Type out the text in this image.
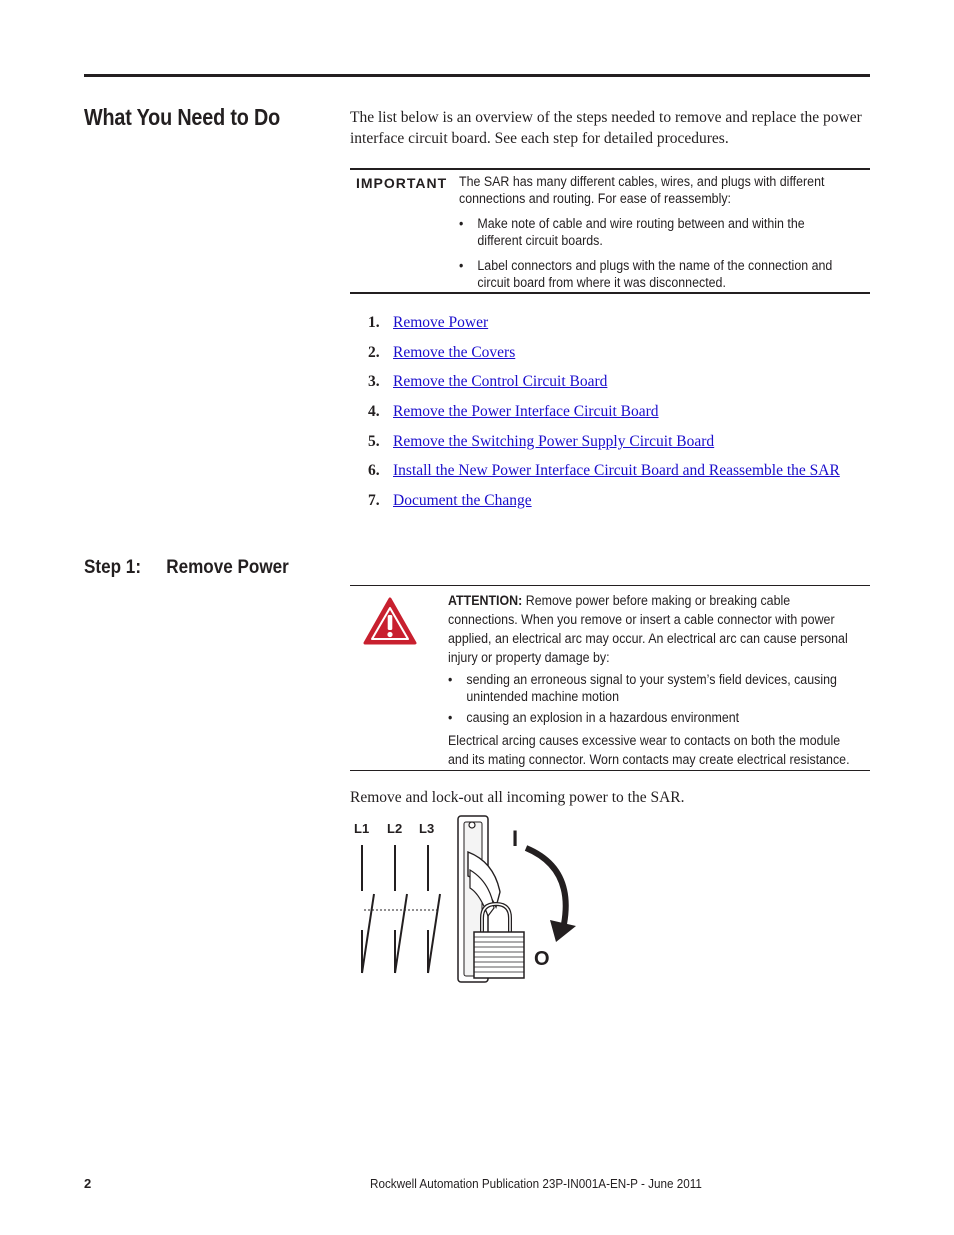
What You Need to Do	The list below is an overview of the steps needed to remove and replace the power interface circuit board. See each step for detailed procedures.
IMPORTANT The SAR has many different cables, wires, and plugs with different connections and routing. For ease of reassembly:
• Make note of cable and wire routing between and within the different circuit boards.
• Label connectors and plugs with the name of the connection and circuit board from where it was disconnected.
1. Remove Power
2. Remove the Covers
3. Remove the Control Circuit Board
4. Remove the Power Interface Circuit Board
5. Remove the Switching Power Supply Circuit Board
6. Install the New Power Interface Circuit Board and Reassemble the SAR
7. Document the Change
Step 1: Remove Power

ATTENTION: Remove power before making or breaking cable connections. When you remove or insert a cable connector with power applied, an electrical arc may occur. An electrical arc can cause personal injury or property damage by:

• sending an erroneous signal to your system’s field devices, causing unintended machine motion
• causing an explosion in a hazardous environment

Electrical arcing causes excessive wear to contacts on both the module and its mating connector. Worn contacts may create electrical resistance.

Remove and lock-out all incoming power to the SAR.
L1 L2 L3	I
O
2	Rockwell Automation Publication 23P-IN001A-EN-P - June 2011
